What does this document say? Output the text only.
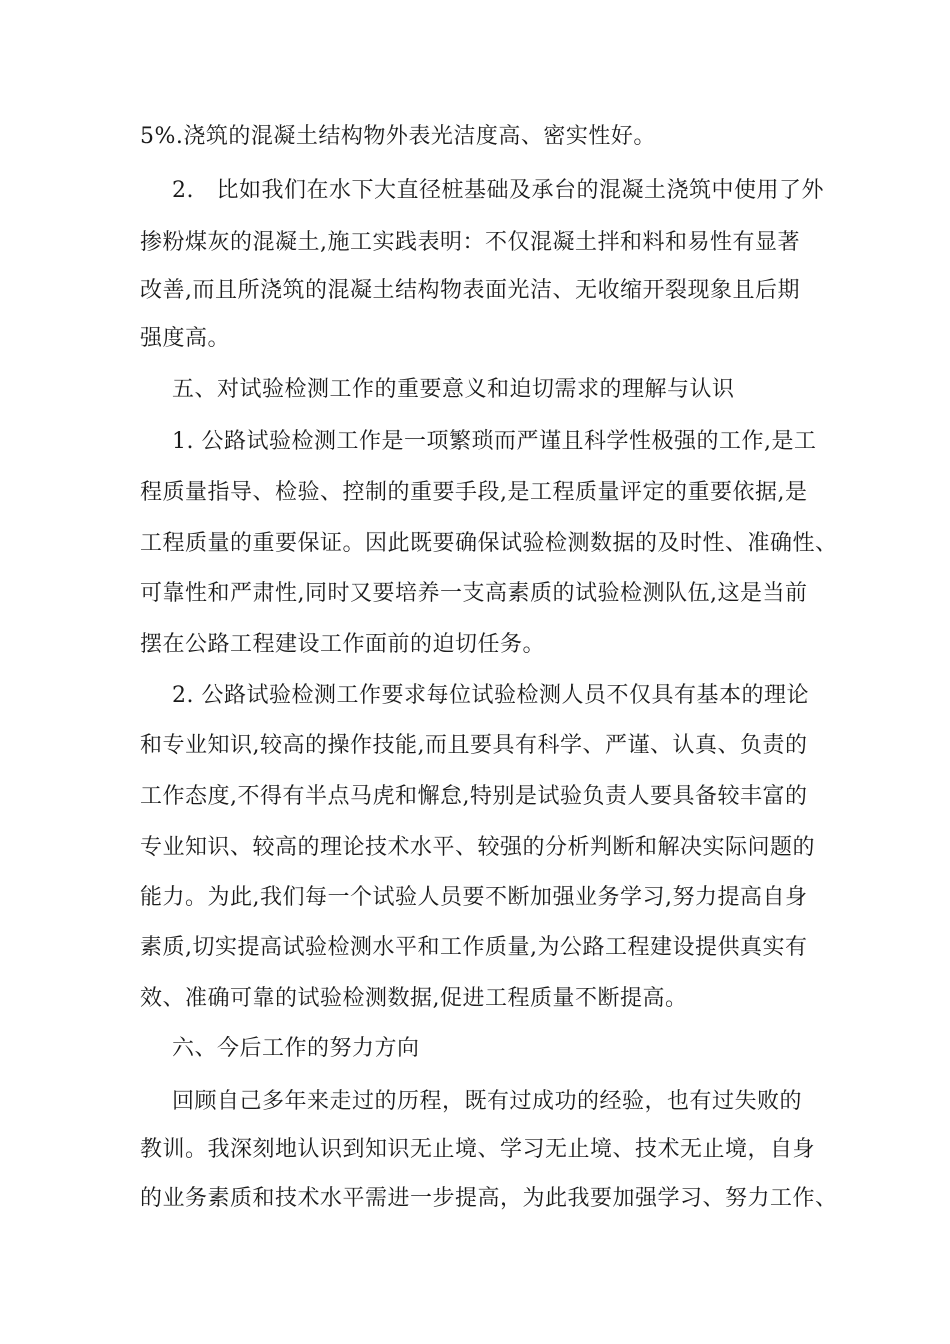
5%.浇筑的混凝土结构物外表光洁度高、密实性好。
2.　比如我们在水下大直径桩基础及承台的混凝土浇筑中使用了外
掺粉煤灰的混凝土,施工实践表明：不仅混凝土拌和料和易性有显著
改善,而且所浇筑的混凝土结构物表面光洁、无收缩开裂现象且后期
强度高。
五、对试验检测工作的重要意义和迫切需求的理解与认识
1. 公路试验检测工作是一项繁琐而严谨且科学性极强的工作,是工
程质量指导、检验、控制的重要手段,是工程质量评定的重要依据,是
工程质量的重要保证。因此既要确保试验检测数据的及时性、准确性、
可靠性和严肃性,同时又要培养一支高素质的试验检测队伍,这是当前
摆在公路工程建设工作面前的迫切任务。
2. 公路试验检测工作要求每位试验检测人员不仅具有基本的理论
和专业知识,较高的操作技能,而且要具有科学、严谨、认真、负责的
工作态度,不得有半点马虎和懈怠,特别是试验负责人要具备较丰富的
专业知识、较高的理论技术水平、较强的分析判断和解决实际问题的
能力。为此,我们每一个试验人员要不断加强业务学习,努力提高自身
素质,切实提高试验检测水平和工作质量,为公路工程建设提供真实有
效、准确可靠的试验检测数据,促进工程质量不断提高。
六、今后工作的努力方向
回顾自己多年来走过的历程，既有过成功的经验，也有过失败的
教训。我深刻地认识到知识无止境、学习无止境、技术无止境，自身
的业务素质和技术水平需进一步提高，为此我要加强学习、努力工作、
